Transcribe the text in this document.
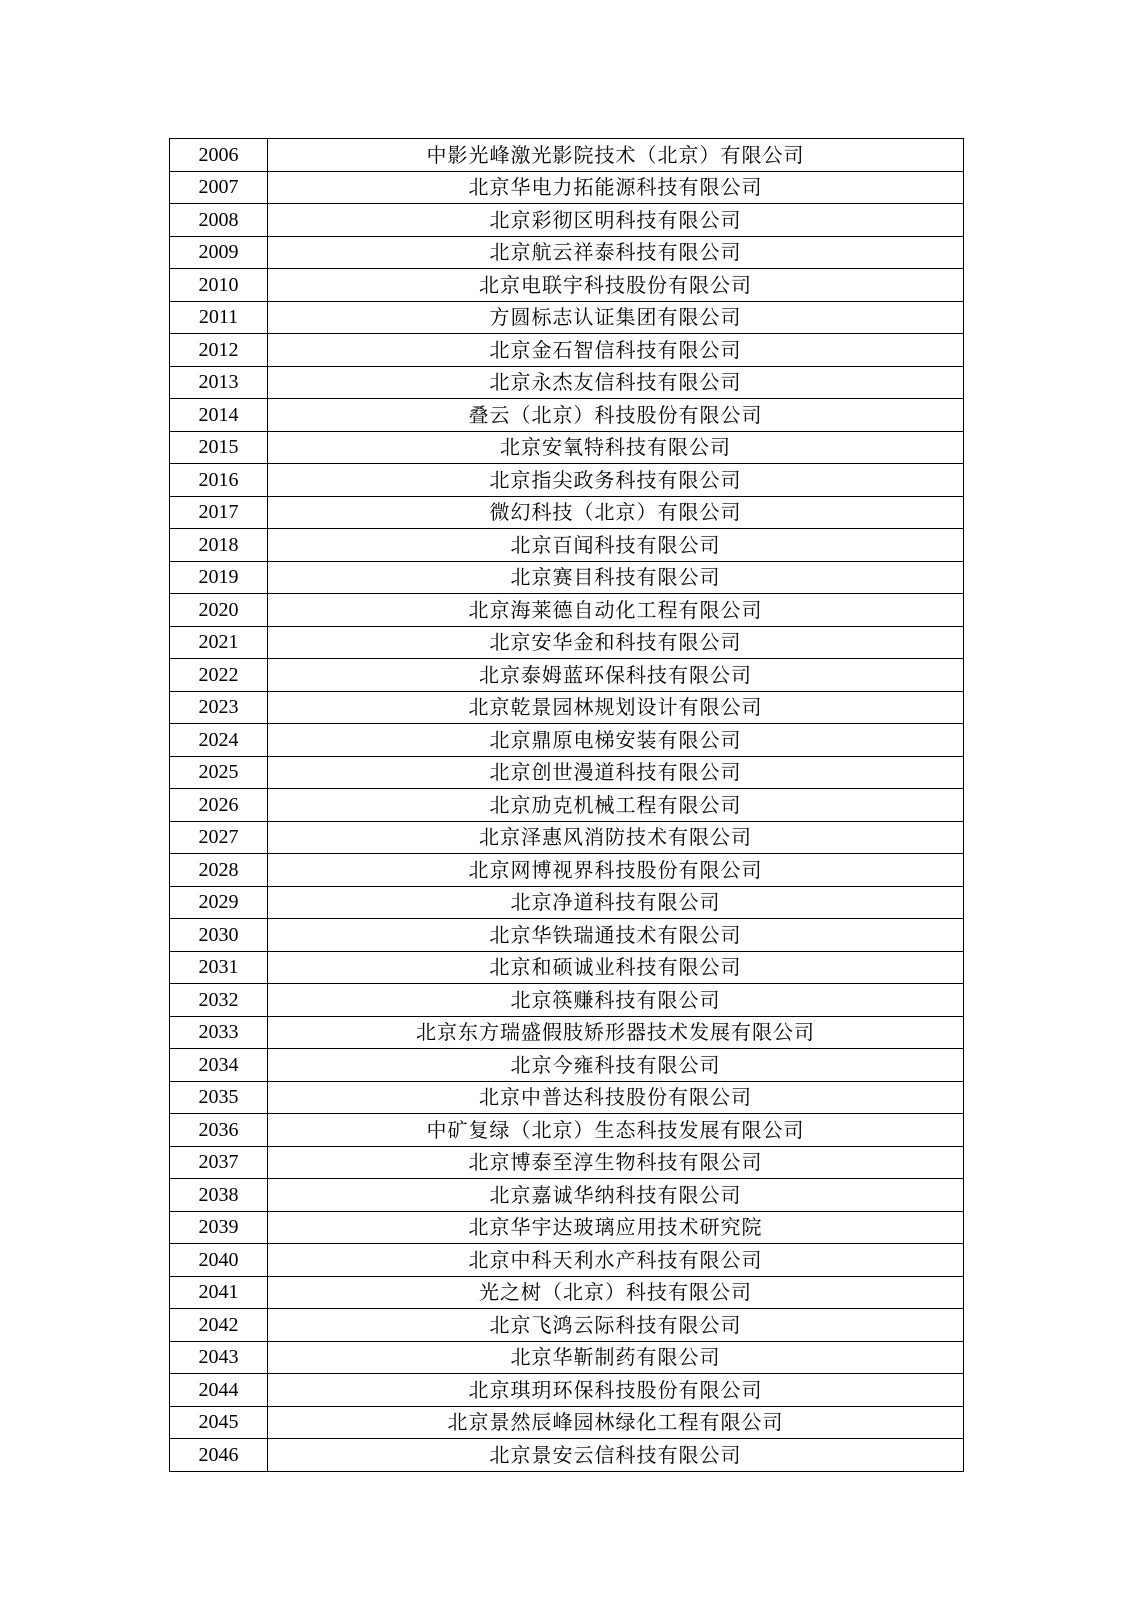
2006	中影光峰激光影院技术（北京）有限公司
2007	北京华电力拓能源科技有限公司
2008	北京彩彻区明科技有限公司
2009	北京航云祥泰科技有限公司
2010	北京电联宇科技股份有限公司
2011	方圆标志认证集团有限公司
2012	北京金石智信科技有限公司
2013	北京永杰友信科技有限公司
2014	叠云（北京）科技股份有限公司
2015	北京安氧特科技有限公司
2016	北京指尖政务科技有限公司
2017	微幻科技（北京）有限公司
2018	北京百闻科技有限公司
2019	北京赛目科技有限公司
2020	北京海莱德自动化工程有限公司
2021	北京安华金和科技有限公司
2022	北京泰姆蓝环保科技有限公司
2023	北京乾景园林规划设计有限公司
2024	北京鼎原电梯安装有限公司
2025	北京创世漫道科技有限公司
2026	北京劢克机械工程有限公司
2027	北京泽惠风消防技术有限公司
2028	北京网博视界科技股份有限公司
2029	北京净道科技有限公司
2030	北京华铁瑞通技术有限公司
2031	北京和硕诚业科技有限公司
2032	北京筷赚科技有限公司
2033	北京东方瑞盛假肢矫形器技术发展有限公司
2034	北京今雍科技有限公司
2035	北京中普达科技股份有限公司
2036	中矿复绿（北京）生态科技发展有限公司
2037	北京博泰至淳生物科技有限公司
2038	北京嘉诚华纳科技有限公司
2039	北京华宇达玻璃应用技术研究院
2040	北京中科天利水产科技有限公司
2041	光之树（北京）科技有限公司
2042	北京飞鸿云际科技有限公司
2043	北京华靳制药有限公司
2044	北京琪玥环保科技股份有限公司
2045	北京景然辰峰园林绿化工程有限公司
2046	北京景安云信科技有限公司
